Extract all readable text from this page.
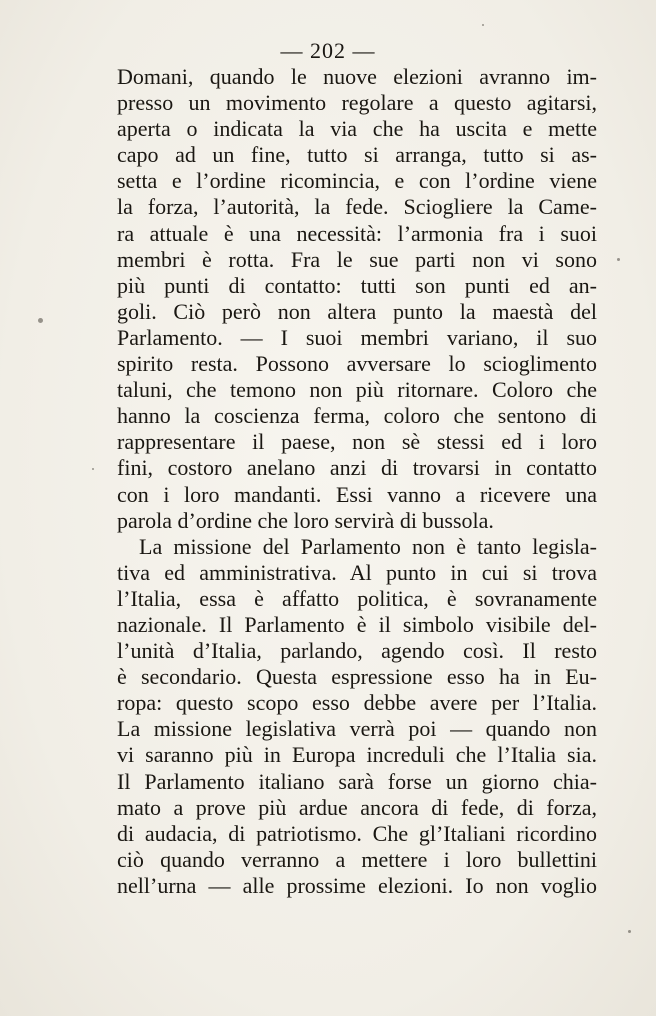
— 202 —
Domani, quando le nuove elezioni avranno im-
presso un movimento regolare a questo agitarsi,
aperta o indicata la via che ha uscita e mette
capo ad un fine, tutto si arranga, tutto si as-
setta e l’ordine ricomincia, e con l’ordine viene
la forza, l’autorità, la fede. Sciogliere la Came-
ra attuale è una necessità: l’armonia fra i suoi
membri è rotta. Fra le sue parti non vi sono
più punti di contatto: tutti son punti ed an-
goli. Ciò però non altera punto la maestà del
Parlamento. — I suoi membri variano, il suo
spirito resta. Possono avversare lo scioglimento
taluni, che temono non più ritornare. Coloro che
hanno la coscienza ferma, coloro che sentono di
rappresentare il paese, non sè stessi ed i loro
fini, costoro anelano anzi di trovarsi in contatto
con i loro mandanti. Essi vanno a ricevere una
parola d’ordine che loro servirà di bussola.
La missione del Parlamento non è tanto legisla-
tiva ed amministrativa. Al punto in cui si trova
l’Italia, essa è affatto politica, è sovranamente
nazionale. Il Parlamento è il simbolo visibile del-
l’unità d’Italia, parlando, agendo così. Il resto
è secondario. Questa espressione esso ha in Eu-
ropa: questo scopo esso debbe avere per l’Italia.
La missione legislativa verrà poi — quando non
vi saranno più in Europa increduli che l’Italia sia.
Il Parlamento italiano sarà forse un giorno chia-
mato a prove più ardue ancora di fede, di forza,
di audacia, di patriotismo. Che gl’Italiani ricordino
ciò quando verranno a mettere i loro bullettini
nell’urna — alle prossime elezioni. Io non voglio
